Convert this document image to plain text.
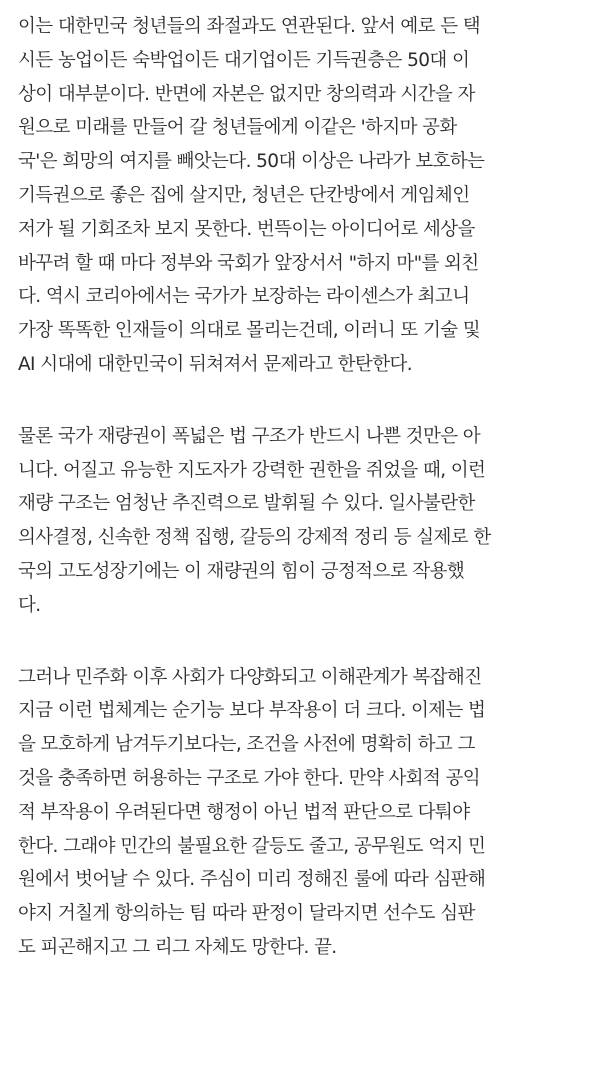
이는 대한민국 청년들의 좌절과도 연관된다. 앞서 예로 든 택
시든 농업이든 숙박업이든 대기업이든 기득권층은 50대 이
상이 대부분이다. 반면에 자본은 없지만 창의력과 시간을 자
원으로 미래를 만들어 갈 청년들에게 이같은 '하지마 공화
국'은 희망의 여지를 빼앗는다. 50대 이상은 나라가 보호하는
기득권으로 좋은 집에 살지만, 청년은 단칸방에서 게임체인
저가 될 기회조차 보지 못한다. 번뜩이는 아이디어로 세상을
바꾸려 할 때 마다 정부와 국회가 앞장서서 "하지 마"를 외친
다. 역시 코리아에서는 국가가 보장하는 라이센스가 최고니
가장 똑똑한 인재들이 의대로 몰리는건데, 이러니 또 기술 및
AI 시대에 대한민국이 뒤쳐져서 문제라고 한탄한다.
물론 국가 재량권이 폭넓은 법 구조가 반드시 나쁜 것만은 아
니다. 어질고 유능한 지도자가 강력한 권한을 쥐었을 때, 이런
재량 구조는 엄청난 추진력으로 발휘될 수 있다. 일사불란한
의사결정, 신속한 정책 집행, 갈등의 강제적 정리 등 실제로 한
국의 고도성장기에는 이 재량권의 힘이 긍정적으로 작용했
다.
그러나 민주화 이후 사회가 다양화되고 이해관계가 복잡해진
지금 이런 법체계는 순기능 보다 부작용이 더 크다. 이제는 법
을 모호하게 남겨두기보다는, 조건을 사전에 명확히 하고 그
것을 충족하면 허용하는 구조로 가야 한다. 만약 사회적 공익
적 부작용이 우려된다면 행정이 아닌 법적 판단으로 다퉈야
한다. 그래야 민간의 불필요한 갈등도 줄고, 공무원도 억지 민
원에서 벗어날 수 있다. 주심이 미리 정해진 룰에 따라 심판해
야지 거칠게 항의하는 팀 따라 판정이 달라지면 선수도 심판
도 피곤해지고 그 리그 자체도 망한다. 끝.
